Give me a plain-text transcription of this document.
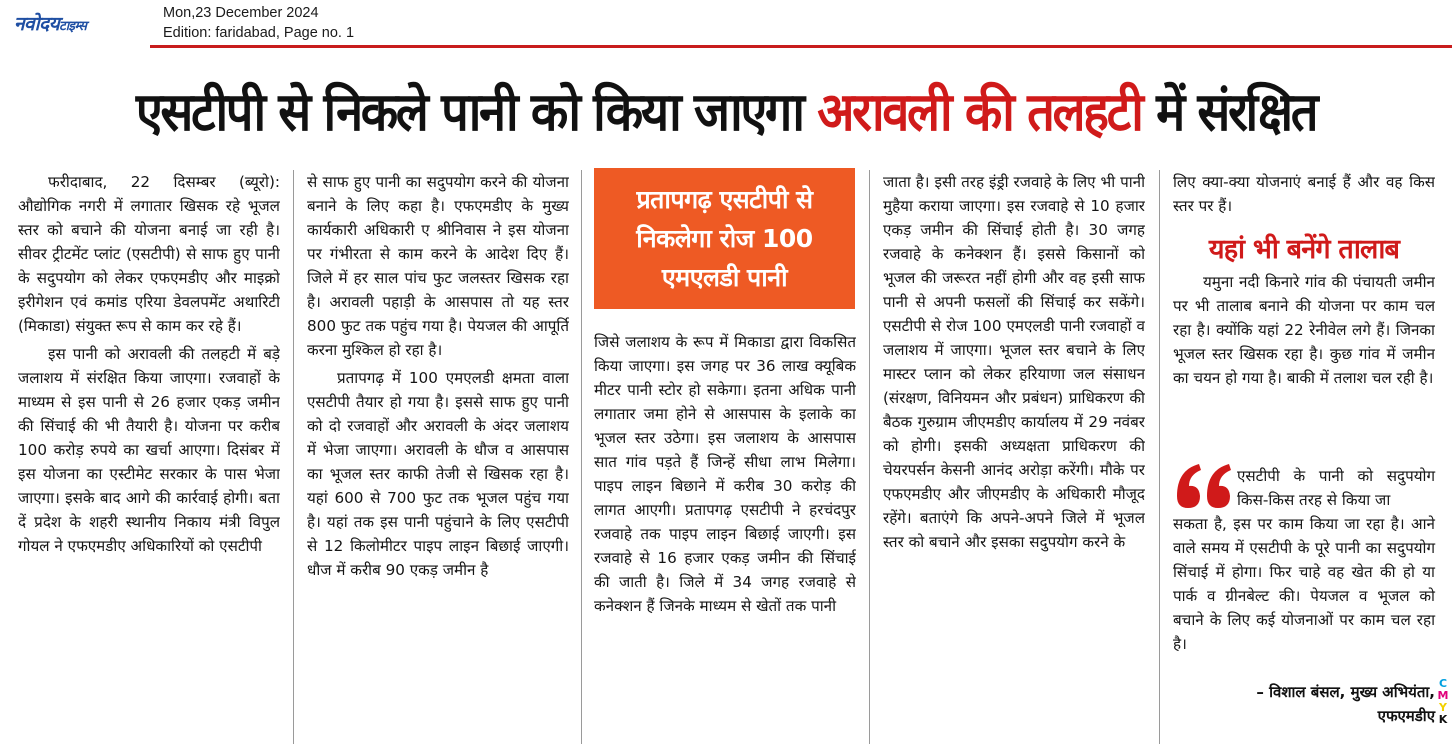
नवोदयटाइम्स
Mon,23 December 2024
Edition: faridabad, Page no. 1
एसटीपी से निकले पानी को किया जाएगा अरावली की तलहटी में संरक्षित

फरीदाबाद, 22 दिसम्बर (ब्यूरो): औद्योगिक नगरी में लगातार खिसक रहे भूजल स्तर को बचाने की योजना बनाई जा रही है। सीवर ट्रीटमेंट प्लांट (एसटीपी) से साफ हुए पानी के सदुपयोग को लेकर एफएमडीए और माइक्रो इरीगेशन एवं कमांड एरिया डेवलपमेंट अथारिटी (मिकाडा) संयुक्त रूप से काम कर रहे हैं।

इस पानी को अरावली की तलहटी में बड़े जलाशय में संरक्षित किया जाएगा। रजवाहों के माध्यम से इस पानी से 26 हजार एकड़ जमीन की सिंचाई की भी तैयारी है। योजना पर करीब 100 करोड़ रुपये का खर्चा आएगा। दिसंबर में इस योजना का एस्टीमेट सरकार के पास भेजा जाएगा। इसके बाद आगे की कार्रवाई होगी। बता दें प्रदेश के शहरी स्थानीय निकाय मंत्री विपुल गोयल ने एफएमडीए अधिकारियों को एसटीपी

से साफ हुए पानी का सदुपयोग करने की योजना बनाने के लिए कहा है। एफएमडीए के मुख्य कार्यकारी अधिकारी ए श्रीनिवास ने इस योजना पर गंभीरता से काम करने के आदेश दिए हैं। जिले में हर साल पांच फुट जलस्तर खिसक रहा है। अरावली पहाड़ी के आसपास तो यह स्तर 800 फुट तक पहुंच गया है। पेयजल की आपूर्ति करना मुश्किल हो रहा है।

प्रतापगढ़ में 100 एमएलडी क्षमता वाला एसटीपी तैयार हो गया है। इससे साफ हुए पानी को दो रजवाहों और अरावली के अंदर जलाशय में भेजा जाएगा। अरावली के धौज व आसपास का भूजल स्तर काफी तेजी से खिसक रहा है। यहां 600 से 700 फुट तक भूजल पहुंच गया है। यहां तक इस पानी पहुंचाने के लिए एसटीपी से 12 किलोमीटर पाइप लाइन बिछाई जाएगी। धौज में करीब 90 एकड़ जमीन है

प्रतापगढ़ एसटीपी से निकलेगा रोज 100 एमएलडी पानी

जिसे जलाशय के रूप में मिकाडा द्वारा विकसित किया जाएगा। इस जगह पर 36 लाख क्यूबिक मीटर पानी स्टोर हो सकेगा। इतना अधिक पानी लगातार जमा होने से आसपास के इलाके का भूजल स्तर उठेगा। इस जलाशय के आसपास सात गांव पड़ते हैं जिन्हें सीधा लाभ मिलेगा। पाइप लाइन बिछाने में करीब 30 करोड़ की लागत आएगी। प्रतापगढ़ एसटीपी ने हरचंदपुर रजवाहे तक पाइप लाइन बिछाई जाएगी। इस रजवाहे से 16 हजार एकड़ जमीन की सिंचाई की जाती है। जिले में 34 जगह रजवाहे से कनेक्शन हैं जिनके माध्यम से खेतों तक पानी

जाता है। इसी तरह इंड्री रजवाहे के लिए भी पानी मुहैया कराया जाएगा। इस रजवाहे से 10 हजार एकड़ जमीन की सिंचाई होती है। 30 जगह रजवाहे के कनेक्शन हैं। इससे किसानों को भूजल की जरूरत नहीं होगी और वह इसी साफ पानी से अपनी फसलों की सिंचाई कर सकेंगे। एसटीपी से रोज 100 एमएलडी पानी रजवाहों व जलाशय में जाएगा। भूजल स्तर बचाने के लिए मास्टर प्लान को लेकर हरियाणा जल संसाधन (संरक्षण, विनियमन और प्रबंधन) प्राधिकरण की बैठक गुरुग्राम जीएमडीए कार्यालय में 29 नवंबर को होगी। इसकी अध्यक्षता प्राधिकरण की चेयरपर्सन केसनी आनंद अरोड़ा करेंगी। मौके पर एफएमडीए और जीएमडीए के अधिकारी मौजूद रहेंगे। बताएंगे कि अपने-अपने जिले में भूजल स्तर को बचाने और इसका सदुपयोग करने के

लिए क्या-क्या योजनाएं बनाई हैं और वह किस स्तर पर हैं।

यहां भी बनेंगे तालाब

यमुना नदी किनारे गांव की पंचायती जमीन पर भी तालाब बनाने की योजना पर काम चल रहा है। क्योंकि यहां 22 रेनीवेल लगे हैं। जिनका भूजल स्तर खिसक रहा है। कुछ गांव में जमीन का चयन हो गया है। बाकी में तलाश चल रही है।

एसटीपी के पानी को सदुपयोग किस-किस तरह से किया जा
सकता है, इस पर काम किया जा रहा है। आने वाले समय में एसटीपी के पूरे पानी का सदुपयोग सिंचाई में होगा। फिर चाहे वह खेत की हो या पार्क व ग्रीनबेल्ट की। पेयजल व भूजल को बचाने के लिए कई योजनाओं पर काम चल रहा है।
– विशाल बंसल, मुख्य अभियंता,
एफएमडीए
C
M
Y
K
